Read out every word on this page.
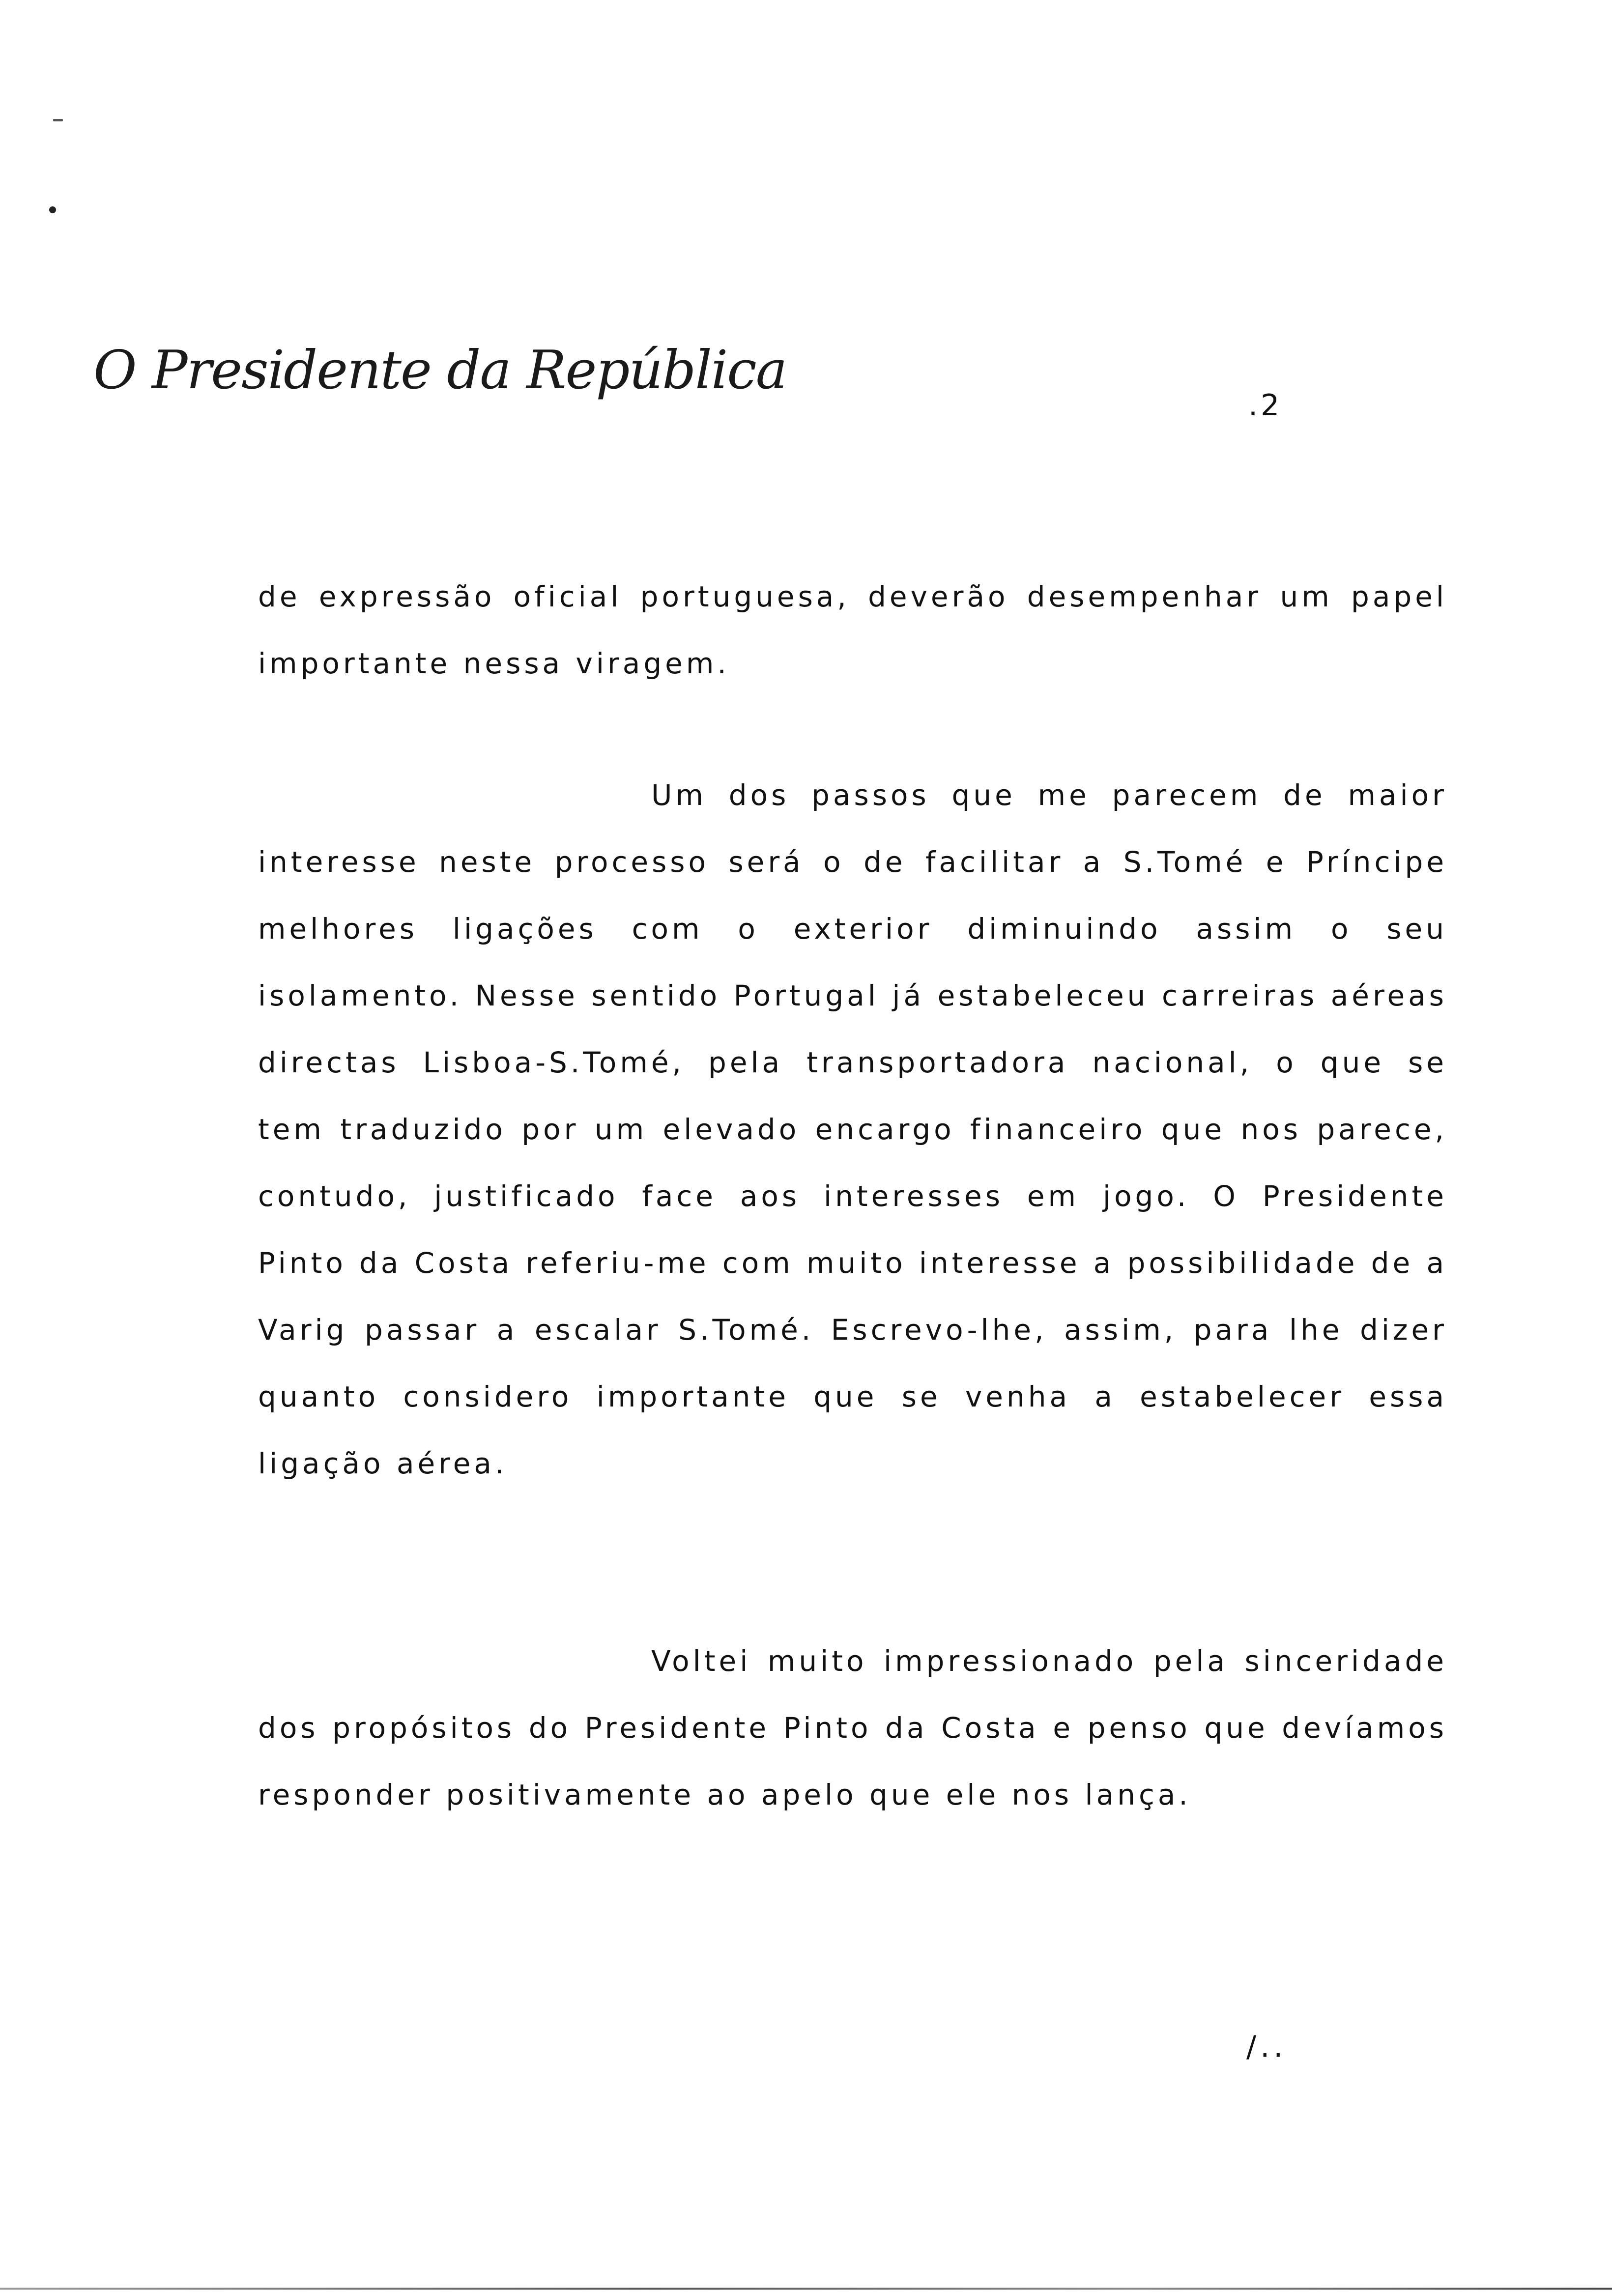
O Presidente da República
.2

de expressão oficial portuguesa, deverão desempenhar um papel importante nessa viragem.

Um dos passos que me parecem de maior interesse neste processo será o de facilitar a S.Tomé e Príncipe melhores ligações com o exterior diminuindo assim o seu isolamento. Nesse sentido Portugal já estabeleceu carreiras aéreas directas Lisboa-S.Tomé, pela transportadora nacional, o que se tem traduzido por um elevado encargo financeiro que nos parece, contudo, justificado face aos interesses em jogo. O Presidente Pinto da Costa referiu-me com muito interesse a possibilidade de a Varig passar a escalar S.Tomé. Escrevo-lhe, assim, para lhe dizer quanto considero importante que se venha a estabelecer essa ligação aérea.

Voltei muito impressionado pela sinceridade dos propósitos do Presidente Pinto da Costa e penso que devíamos responder positivamente ao apelo que ele nos lança.

/..
